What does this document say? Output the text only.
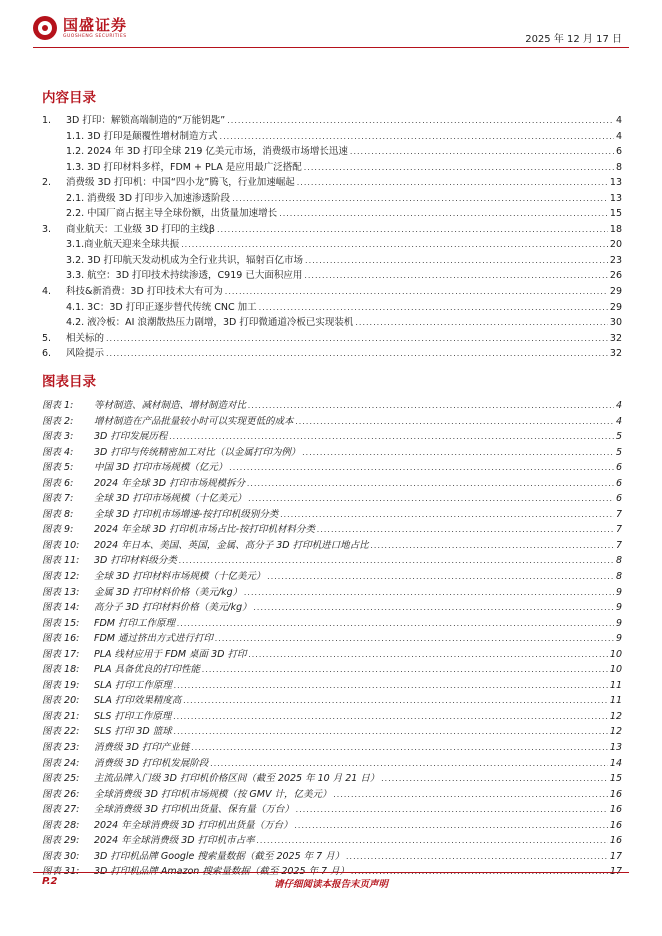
国盛证券
GUOSHENG SECURITIES	2025 年 12 月 17 日
内容目录
1.	3D 打印：解锁高端制造的“万能钥匙” .....	4
1.1. 3D 打印是颠覆性增材制造方式 .....	4
1.2. 2024 年 3D 打印全球 219 亿美元市场，消费级市场增长迅速 .....	6
1.3. 3D 打印材料多样，FDM + PLA 是应用最广泛搭配 .....	8
2.	消费级 3D 打印机：中国“四小龙”腾飞，行业加速崛起 .....	13
2.1. 消费级 3D 打印步入加速渗透阶段 .....	13
2.2. 中国厂商占据主导全球份额，出货量加速增长 .....	15
3.	商业航天：工业级 3D 打印的主线β .....	18
3.1.商业航天迎来全球共振 .....	20
3.2. 3D 打印航天发动机成为全行业共识，辐射百亿市场 .....	23
3.3. 航空：3D 打印技术持续渗透，C919 已大面积应用 .....	26
4.	科技&新消费：3D 打印技术大有可为 .....	29
4.1. 3C：3D 打印正逐步替代传统 CNC 加工 .....	29
4.2. 液冷板：AI 浪潮散热压力剧增，3D 打印微通道冷板已实现装机 .....	30
5.	相关标的 .....	32
6.	风险提示 .....	32
图表目录
图表 1:	等材制造、减材制造、增材制造对比 .....	4
图表 2:	增材制造在产品批量较小时可以实现更低的成本 .....	4
图表 3:	3D 打印发展历程 .....	5
图表 4:	3D 打印与传统精密加工对比（以金属打印为例） .....	5
图表 5:	中国 3D 打印市场规模（亿元） .....	6
图表 6:	2024 年全球 3D 打印市场规模拆分 .....	6
图表 7:	全球 3D 打印市场规模（十亿美元） .....	6
图表 8:	全球 3D 打印机市场增速-按打印机级别分类 .....	7
图表 9:	2024 年全球 3D 打印机市场占比-按打印机材料分类 .....	7
图表 10:	2024 年日本、美国、英国，金属、高分子 3D 打印机进口地占比 .....	7
图表 11:	3D 打印材料级分类 .....	8
图表 12:	全球 3D 打印材料市场规模（十亿美元） .....	8
图表 13:	金属 3D 打印材料价格（美元/kg） .....	9
图表 14:	高分子 3D 打印材料价格（美元/kg） .....	9
图表 15:	FDM 打印工作原理 .....	9
图表 16:	FDM 通过挤出方式进行打印 .....	9
图表 17:	PLA 线材应用于 FDM 桌面 3D 打印 .....	10
图表 18:	PLA 具备优良的打印性能 .....	10
图表 19:	SLA 打印工作原理 .....	11
图表 20:	SLA 打印效果精度高 .....	11
图表 21:	SLS 打印工作原理 .....	12
图表 22:	SLS 打印 3D 篮球 .....	12
图表 23:	消费级 3D 打印产业链 .....	13
图表 24:	消费级 3D 打印机发展阶段 .....	14
图表 25:	主流品牌入门级 3D 打印机价格区间（截至 2025 年 10 月 21 日） .....	15
图表 26:	全球消费级 3D 打印机市场规模（按 GMV 计，亿美元） .....	16
图表 27:	全球消费级 3D 打印机出货量、保有量（万台） .....	16
图表 28:	2024 年全球消费级 3D 打印机出货量（万台） .....	16
图表 29:	2024 年全球消费级 3D 打印机市占率 .....	16
图表 30:	3D 打印机品牌 Google 搜索量数据（截至 2025 年 7 月） .....	17
图表 31:	3D 打印机品牌 Amazon 搜索量数据（截至 2025 年 7 月） .....	17
P.2	请仔细阅读本报告末页声明
